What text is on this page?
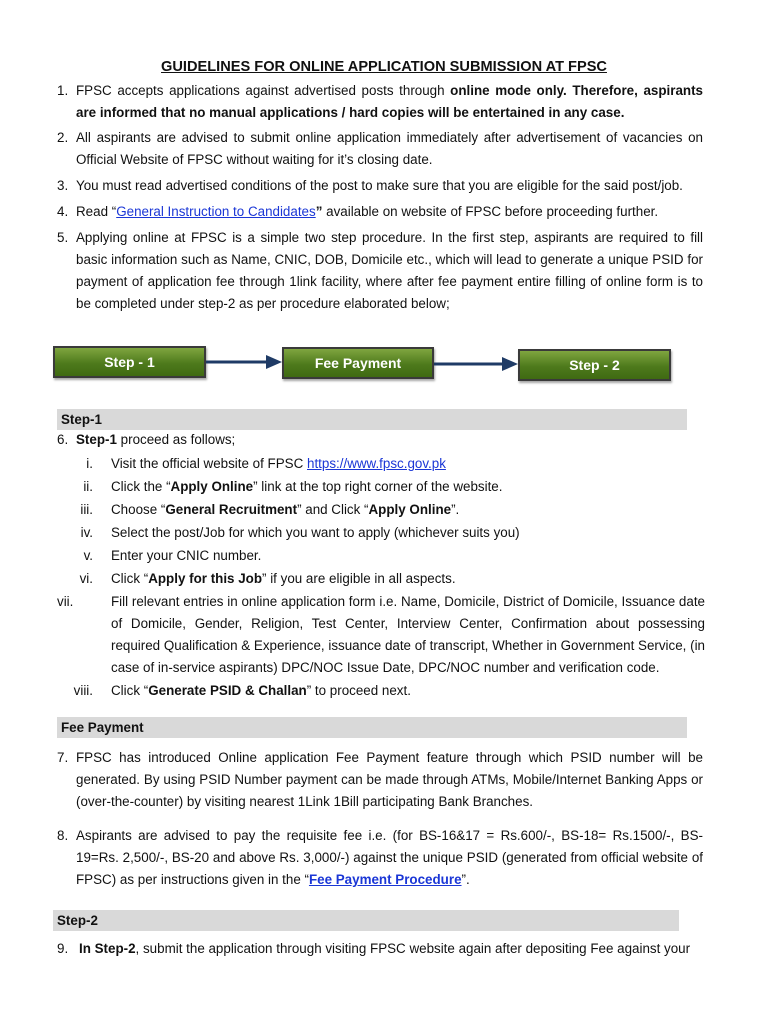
GUIDELINES FOR ONLINE APPLICATION SUBMISSION AT FPSC
1. FPSC accepts applications against advertised posts through online mode only. Therefore, aspirants are informed that no manual applications / hard copies will be entertained in any case.
2. All aspirants are advised to submit online application immediately after advertisement of vacancies on Official Website of FPSC without waiting for it’s closing date.
3. You must read advertised conditions of the post to make sure that you are eligible for the said post/job.
4. Read “General Instruction to Candidates” available on website of FPSC before proceeding further.
5. Applying online at FPSC is a simple two step procedure. In the first step, aspirants are required to fill basic information such as Name, CNIC, DOB, Domicile etc., which will lead to generate a unique PSID for payment of application fee through 1link facility, where after fee payment entire filling of online form is to be completed under step-2 as per procedure elaborated below;
Step - 1	Fee Payment	Step - 2
Step-1
6. Step-1 proceed as follows;
i. Visit the official website of FPSC https://www.fpsc.gov.pk
ii. Click the “Apply Online” link at the top right corner of the website.
iii. Choose “General Recruitment” and Click “Apply Online”.
iv. Select the post/Job for which you want to apply (whichever suits you)
v. Enter your CNIC number.
vi. Click “Apply for this Job” if you are eligible in all aspects.
vii.	Fill relevant entries in online application form i.e. Name, Domicile, District of Domicile, Issuance date of Domicile, Gender, Religion, Test Center, Interview Center, Confirmation about possessing required Qualification & Experience, issuance date of transcript, Whether in Government Service, (in case of in-service aspirants) DPC/NOC Issue Date, DPC/NOC number and verification code.
viii. Click “Generate PSID & Challan” to proceed next.
Fee Payment
7. FPSC has introduced Online application Fee Payment feature through which PSID number will be generated. By using PSID Number payment can be made through ATMs, Mobile/Internet Banking Apps or (over-the-counter) by visiting nearest 1Link 1Bill participating Bank Branches.
8. Aspirants are advised to pay the requisite fee i.e. (for BS-16&17 = Rs.600/-, BS-18= Rs.1500/-, BS-19=Rs. 2,500/-, BS-20 and above Rs. 3,000/-) against the unique PSID (generated from official website of FPSC) as per instructions given in the “Fee Payment Procedure”.
Step-2
9. In Step-2, submit the application through visiting FPSC website again after depositing Fee against your
